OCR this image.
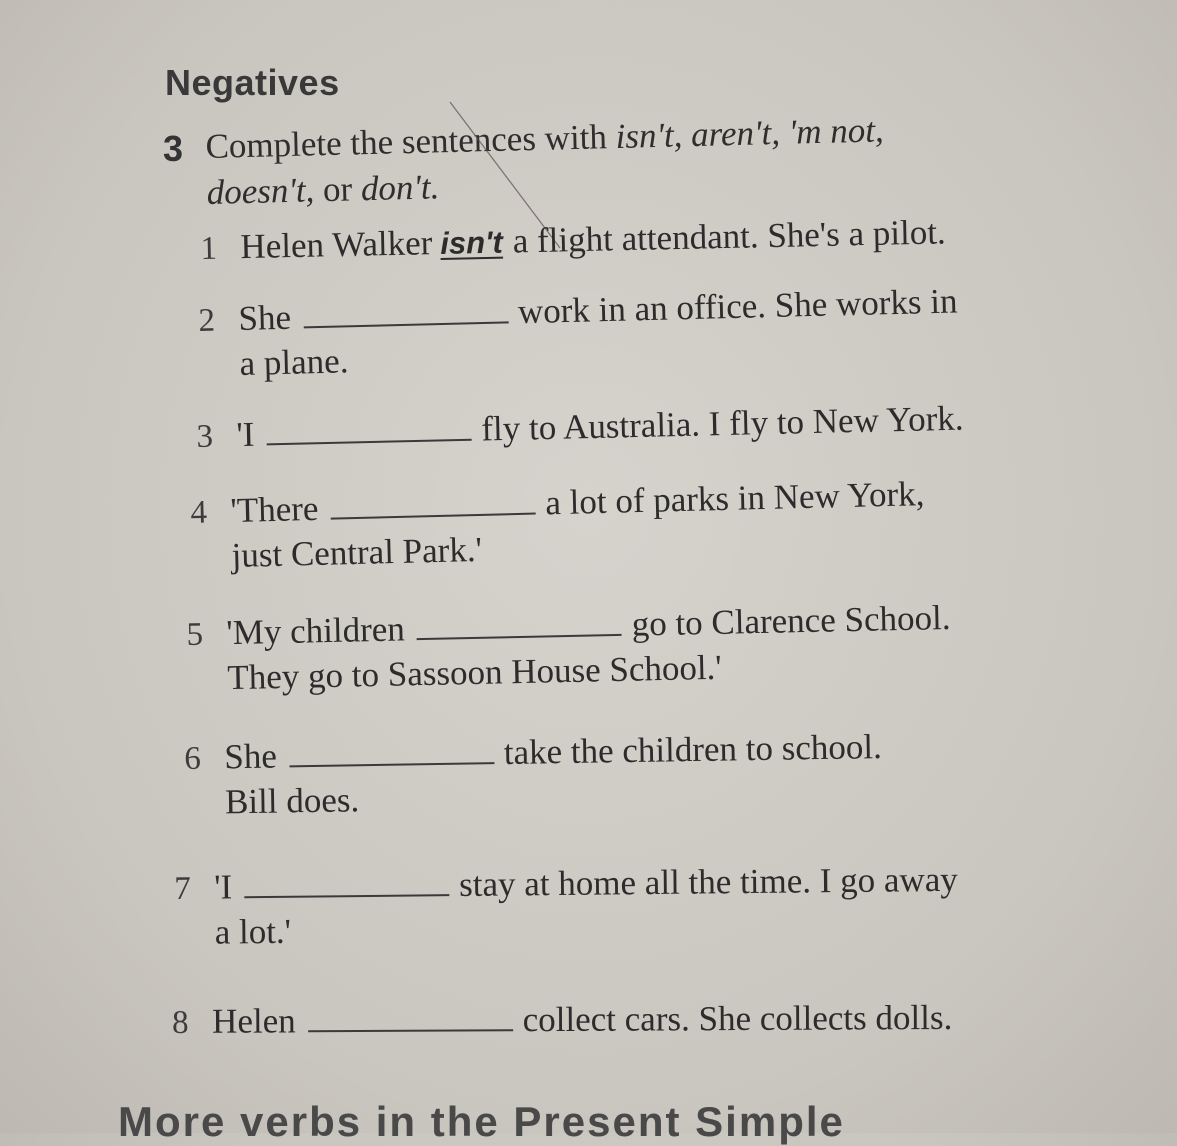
Negatives
3 Complete the sentences with isn't, aren't, 'm not,
doesn't, or don't.
1 Helen Walker isn't a flight attendant. She's a pilot.
2 She	work in an office. She works in
a plane.
3 'I	fly to Australia. I fly to New York.
4 'There	a lot of parks in New York,
just Central Park.'
5 'My children	go to Clarence School.
They go to Sassoon House School.'
6 She	take the children to school.
Bill does.
7 'I	stay at home all the time. I go away
a lot.'
8 Helen	collect cars. She collects dolls.
More verbs in the Present Simple
